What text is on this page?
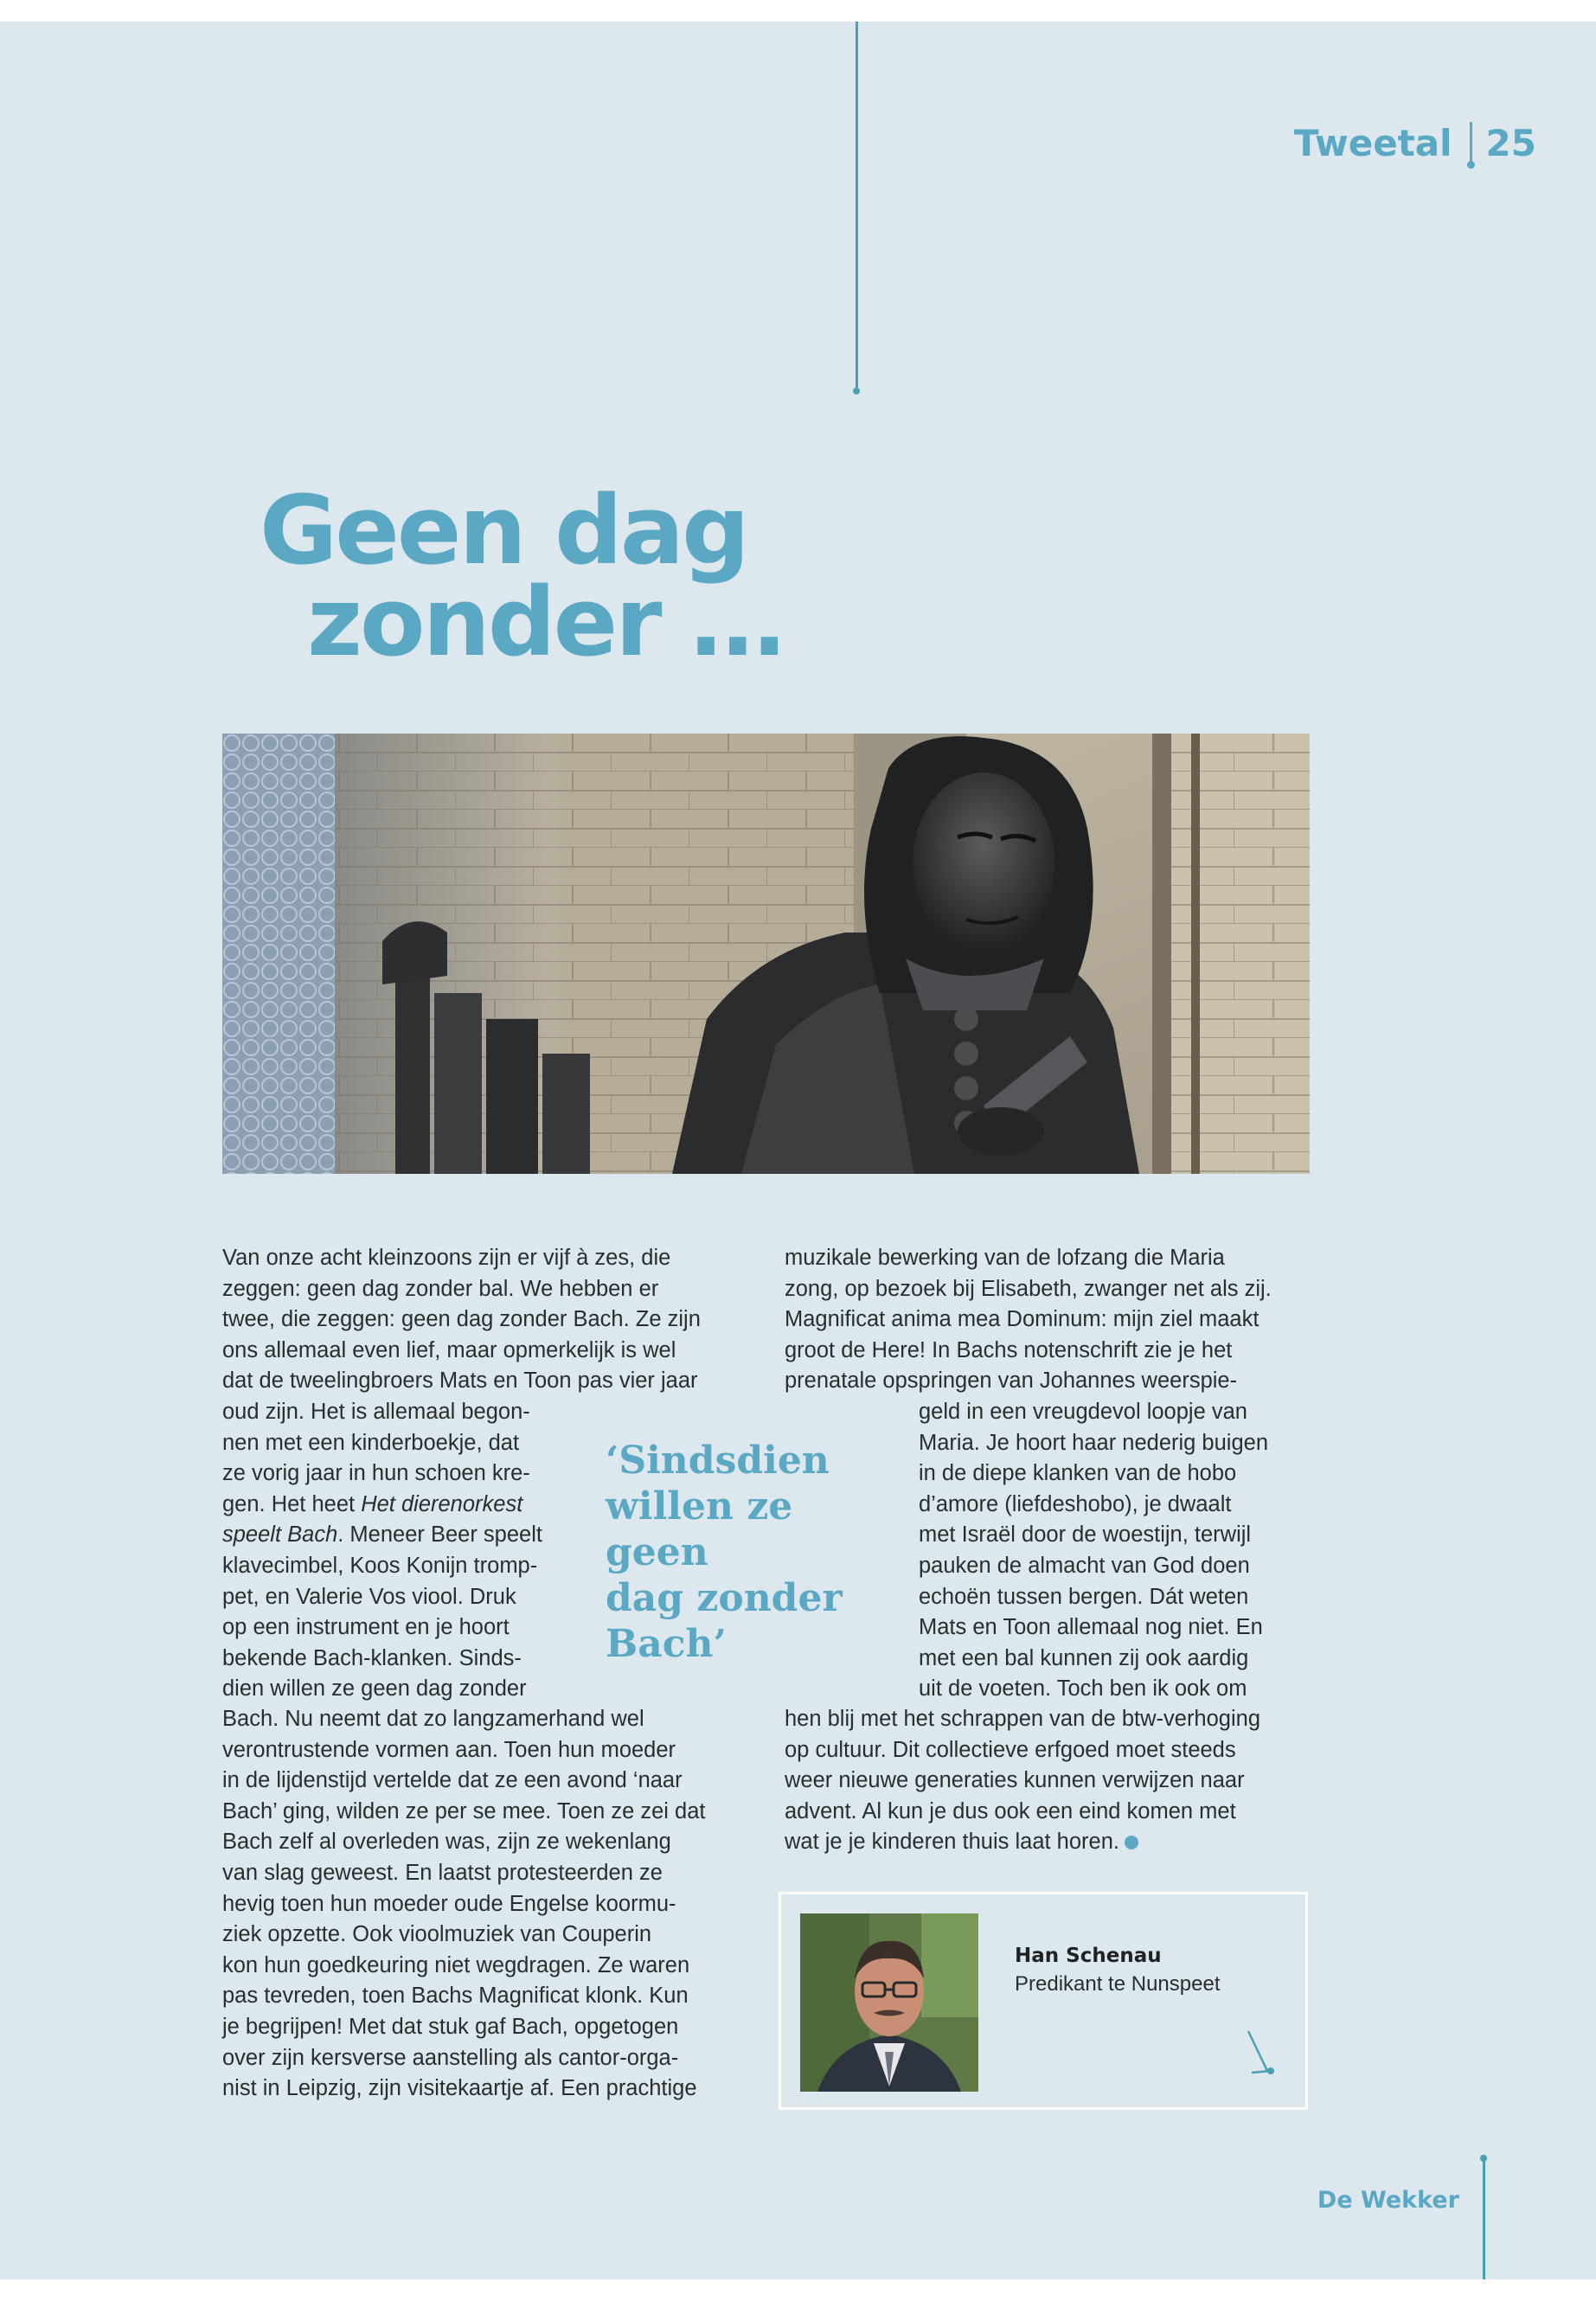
Tweetal 25
Geen dag
zonder …

Van onze acht kleinzoons zijn er vijf à zes, die
zeggen: geen dag zonder bal. We hebben er
twee, die zeggen: geen dag zonder Bach. Ze zijn
ons allemaal even lief, maar opmerkelijk is wel
dat de tweelingbroers Mats en Toon pas vier jaar

oud zijn. Het is allemaal begon-
nen met een kinderboekje, dat
ze vorig jaar in hun schoen kre-
gen. Het heet Het dierenorkest
speelt Bach. Meneer Beer speelt
klavecimbel, Koos Konijn tromp-
pet, en Valerie Vos viool. Druk
op een instrument en je hoort
bekende Bach-klanken. Sinds-
dien willen ze geen dag zonder

Bach. Nu neemt dat zo langzamerhand wel
verontrustende vormen aan. Toen hun moeder
in de lijdenstijd vertelde dat ze een avond ‘naar
Bach’ ging, wilden ze per se mee. Toen ze zei dat
Bach zelf al overleden was, zijn ze wekenlang
van slag geweest. En laatst protesteerden ze
hevig toen hun moeder oude Engelse koormu-
ziek opzette. Ook vioolmuziek van Couperin
kon hun goedkeuring niet wegdragen. Ze waren
pas tevreden, toen Bachs Magnificat klonk. Kun
je begrijpen! Met dat stuk gaf Bach, opgetogen
over zijn kersverse aanstelling als cantor-orga-
nist in Leipzig, zijn visitekaartje af. Een prachtige

muzikale bewerking van de lofzang die Maria
zong, op bezoek bij Elisabeth, zwanger net als zij.
Magnificat anima mea Dominum: mijn ziel maakt
groot de Here! In Bachs notenschrift zie je het
prenatale opspringen van Johannes weerspie-

geld in een vreugdevol loopje van
Maria. Je hoort haar nederig buigen
in de diepe klanken van de hobo
d’amore (liefdeshobo), je dwaalt
met Israël door de woestijn, terwijl
pauken de almacht van God doen
echoën tussen bergen. Dát weten
Mats en Toon allemaal nog niet. En
met een bal kunnen zij ook aardig
uit de voeten. Toch ben ik ook om

hen blij met het schrappen van de btw-verhoging
op cultuur. Dit collectieve erfgoed moet steeds
weer nieuwe generaties kunnen verwijzen naar
advent. Al kun je dus ook een eind komen met
wat je je kinderen thuis laat horen.

‘Sindsdien
willen ze geen
dag zonder
Bach’

Han Schenau
Predikant te Nunspeet
De Wekker
